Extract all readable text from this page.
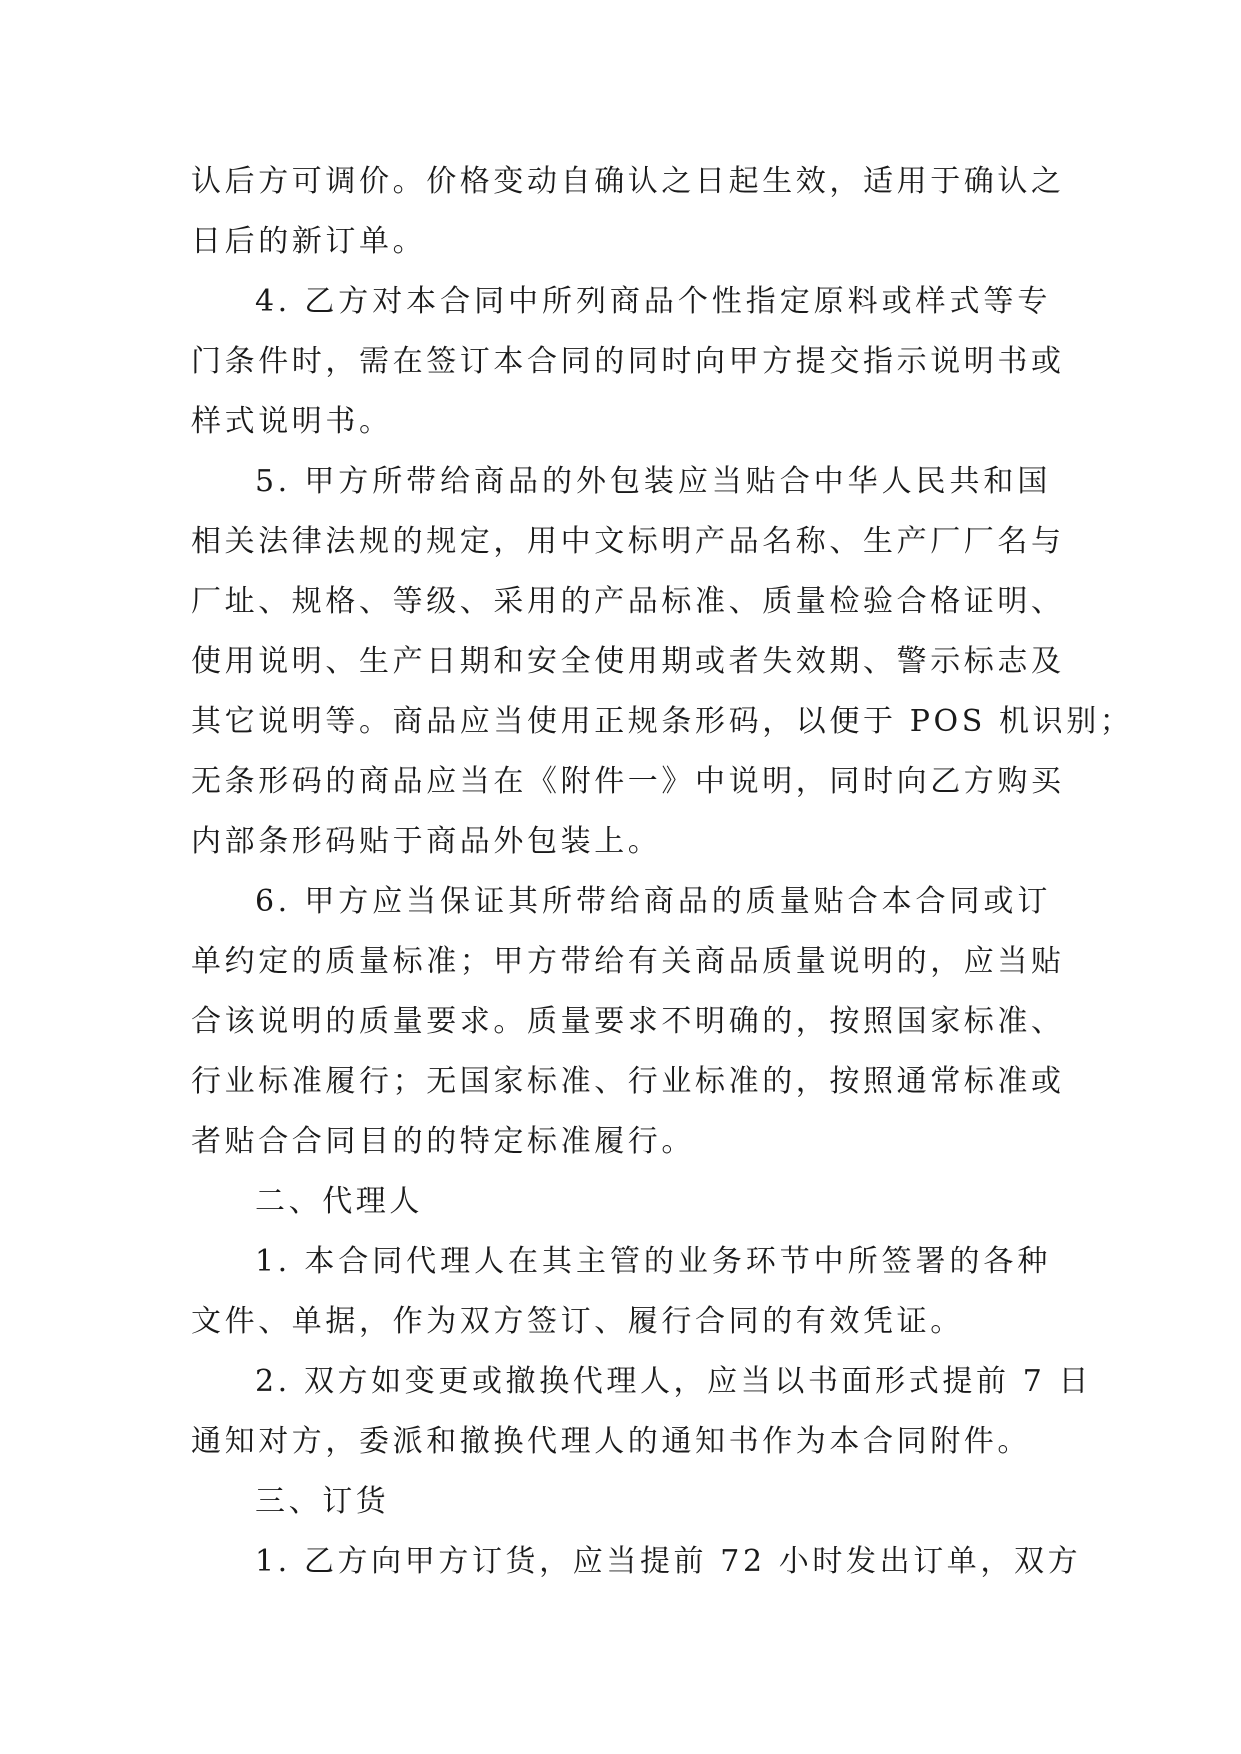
认后方可调价。价格变动自确认之日起生效，适用于确认之
日后的新订单。
4. 乙方对本合同中所列商品个性指定原料或样式等专
门条件时，需在签订本合同的同时向甲方提交指示说明书或
样式说明书。
5. 甲方所带给商品的外包装应当贴合中华人民共和国
相关法律法规的规定，用中文标明产品名称、生产厂厂名与
厂址、规格、等级、采用的产品标准、质量检验合格证明、
使用说明、生产日期和安全使用期或者失效期、警示标志及
其它说明等。商品应当使用正规条形码，以便于 POS 机识别；
无条形码的商品应当在《附件一》中说明，同时向乙方购买
内部条形码贴于商品外包装上。
6. 甲方应当保证其所带给商品的质量贴合本合同或订
单约定的质量标准；甲方带给有关商品质量说明的，应当贴
合该说明的质量要求。质量要求不明确的，按照国家标准、
行业标准履行；无国家标准、行业标准的，按照通常标准或
者贴合合同目的的特定标准履行。
二、代理人
1. 本合同代理人在其主管的业务环节中所签署的各种
文件、单据，作为双方签订、履行合同的有效凭证。
2. 双方如变更或撤换代理人，应当以书面形式提前 7 日
通知对方，委派和撤换代理人的通知书作为本合同附件。
三、订货
1. 乙方向甲方订货，应当提前 72 小时发出订单，双方
